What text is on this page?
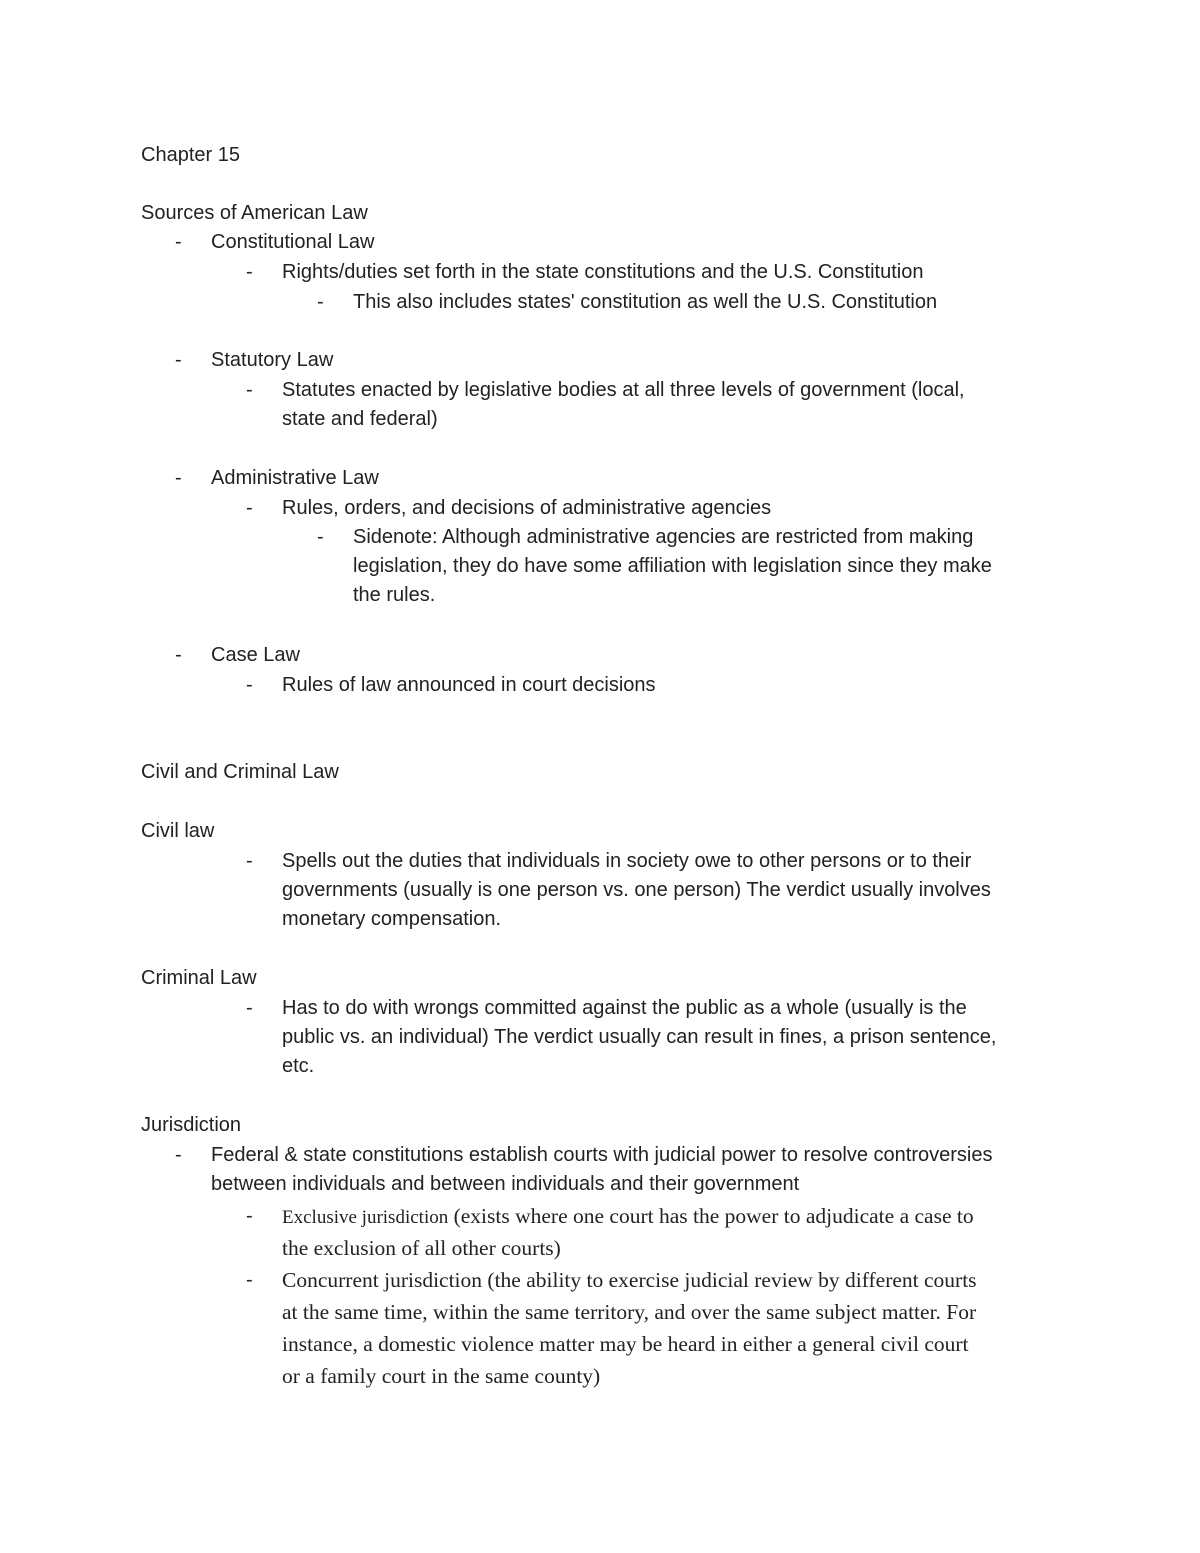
Chapter 15
Sources of American Law
- Constitutional Law
- Rights/duties set forth in the state constitutions and the U.S. Constitution
- This also includes states' constitution as well the U.S. Constitution
- Statutory Law
- Statutes enacted by legislative bodies at all three levels of government (local,
state and federal)
- Administrative Law
- Rules, orders, and decisions of administrative agencies
- Sidenote: Although administrative agencies are restricted from making
legislation, they do have some affiliation with legislation since they make
the rules.
- Case Law
- Rules of law announced in court decisions
Civil and Criminal Law
Civil law
- Spells out the duties that individuals in society owe to other persons or to their
governments (usually is one person vs. one person) The verdict usually involves
monetary compensation.
Criminal Law
- Has to do with wrongs committed against the public as a whole (usually is the
public vs. an individual) The verdict usually can result in fines, a prison sentence,
etc.
Jurisdiction
- Federal & state constitutions establish courts with judicial power to resolve controversies
between individuals and between individuals and their government
- Exclusive jurisdiction (exists where one court has the power to adjudicate a case to
the exclusion of all other courts)
- Concurrent jurisdiction (the ability to exercise judicial review by different courts
at the same time, within the same territory, and over the same subject matter. For
instance, a domestic violence matter may be heard in either a general civil court
or a family court in the same county)
